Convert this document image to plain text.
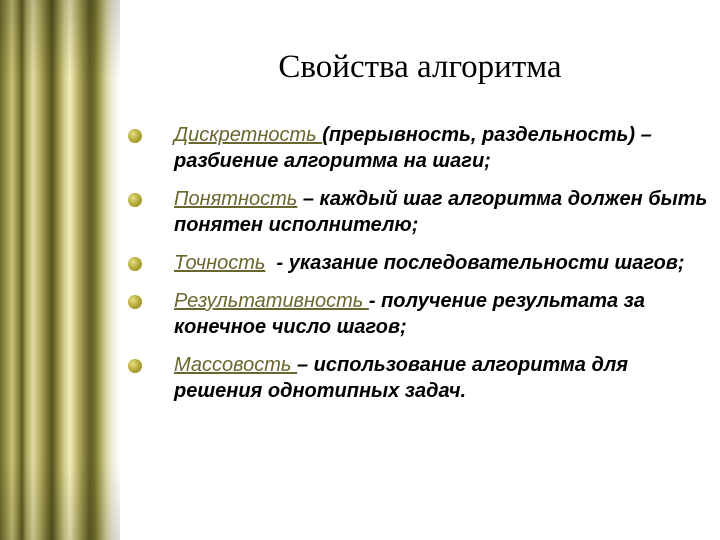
Свойства алгоритма
Дискретность (прерывность, раздельность) – разбиение алгоритма на шаги;
Понятность – каждый шаг алгоритма должен быть понятен исполнителю;
Точность  - указание последовательности шагов;
Результативность - получение результата за конечное число шагов;
Массовость – использование алгоритма для решения однотипных задач.
